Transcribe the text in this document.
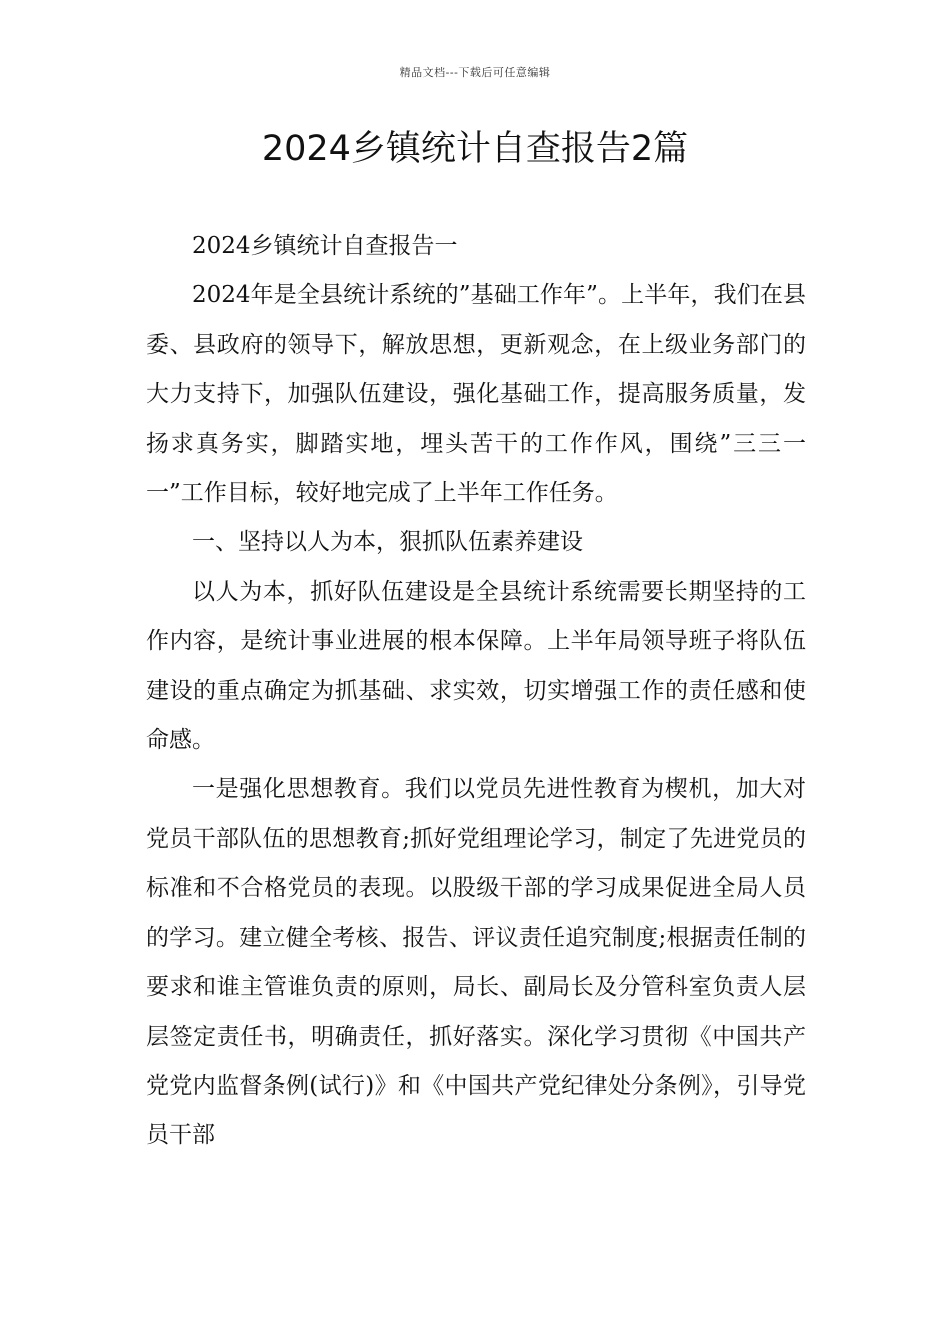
精品文档---下载后可任意编辑
2024乡镇统计自查报告2篇

2024乡镇统计自查报告一

2024年是全县统计系统的”基础工作年”。上半年，我们在县委、县政府的领导下，解放思想，更新观念，在上级业务部门的大力支持下，加强队伍建设，强化基础工作，提高服务质量，发扬求真务实，脚踏实地，埋头苦干的工作作风，围绕”三三一一”工作目标，较好地完成了上半年工作任务。

一、坚持以人为本，狠抓队伍素养建设

以人为本，抓好队伍建设是全县统计系统需要长期坚持的工作内容，是统计事业进展的根本保障。上半年局领导班子将队伍建设的重点确定为抓基础、求实效，切实增强工作的责任感和使命感。

一是强化思想教育。我们以党员先进性教育为楔机，加大对党员干部队伍的思想教育;抓好党组理论学习，制定了先进党员的标准和不合格党员的表现。以股级干部的学习成果促进全局人员的学习。建立健全考核、报告、评议责任追究制度;根据责任制的要求和谁主管谁负责的原则，局长、副局长及分管科室负责人层层签定责任书，明确责任，抓好落实。深化学习贯彻《中国共产党党内监督条例(试行)》和《中国共产党纪律处分条例》，引导党员干部
